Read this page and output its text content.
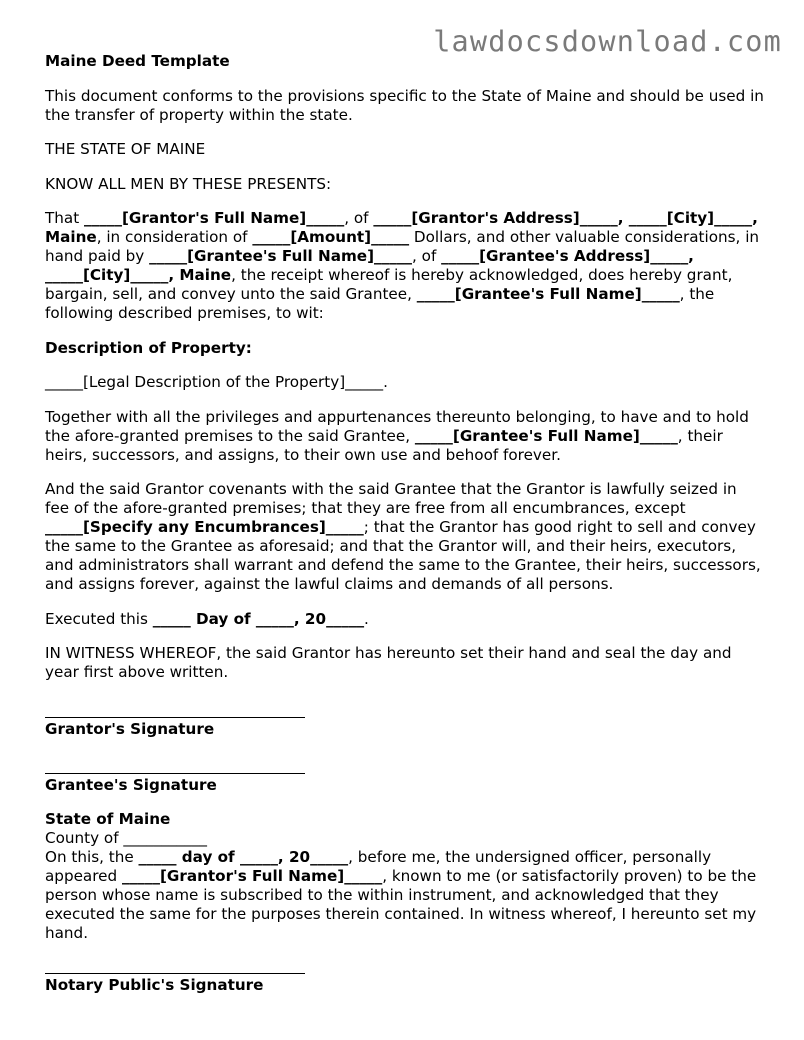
lawdocsdownload.com

Maine Deed Template

This document conforms to the provisions specific to the State of Maine and should be used in the transfer of property within the state.

THE STATE OF MAINE

KNOW ALL MEN BY THESE PRESENTS:

That _____[Grantor's Full Name]_____, of _____[Grantor's Address]_____, _____[City]_____, Maine, in consideration of _____[Amount]_____ Dollars, and other valuable considerations, in hand paid by _____[Grantee's Full Name]_____, of _____[Grantee's Address]_____, _____[City]_____, Maine, the receipt whereof is hereby acknowledged, does hereby grant, bargain, sell, and convey unto the said Grantee, _____[Grantee's Full Name]_____, the following described premises, to wit:

Description of Property:

_____[Legal Description of the Property]_____.

Together with all the privileges and appurtenances thereunto belonging, to have and to hold the afore-granted premises to the said Grantee, _____[Grantee's Full Name]_____, their heirs, successors, and assigns, to their own use and behoof forever.

And the said Grantor covenants with the said Grantee that the Grantor is lawfully seized in fee of the afore-granted premises; that they are free from all encumbrances, except _____[Specify any Encumbrances]_____; that the Grantor has good right to sell and convey the same to the Grantee as aforesaid; and that the Grantor will, and their heirs, executors, and administrators shall warrant and defend the same to the Grantee, their heirs, successors, and assigns forever, against the lawful claims and demands of all persons.

Executed this _____ Day of _____, 20_____.

IN WITNESS WHEREOF, the said Grantor has hereunto set their hand and seal the day and year first above written.

Grantor's Signature
Grantee's Signature
State of Maine
County of ___________
On this, the _____ day of _____, 20_____, before me, the undersigned officer, personally appeared _____[Grantor's Full Name]_____, known to me (or satisfactorily proven) to be the person whose name is subscribed to the within instrument, and acknowledged that they executed the same for the purposes therein contained. In witness whereof, I hereunto set my hand.
Notary Public's Signature
